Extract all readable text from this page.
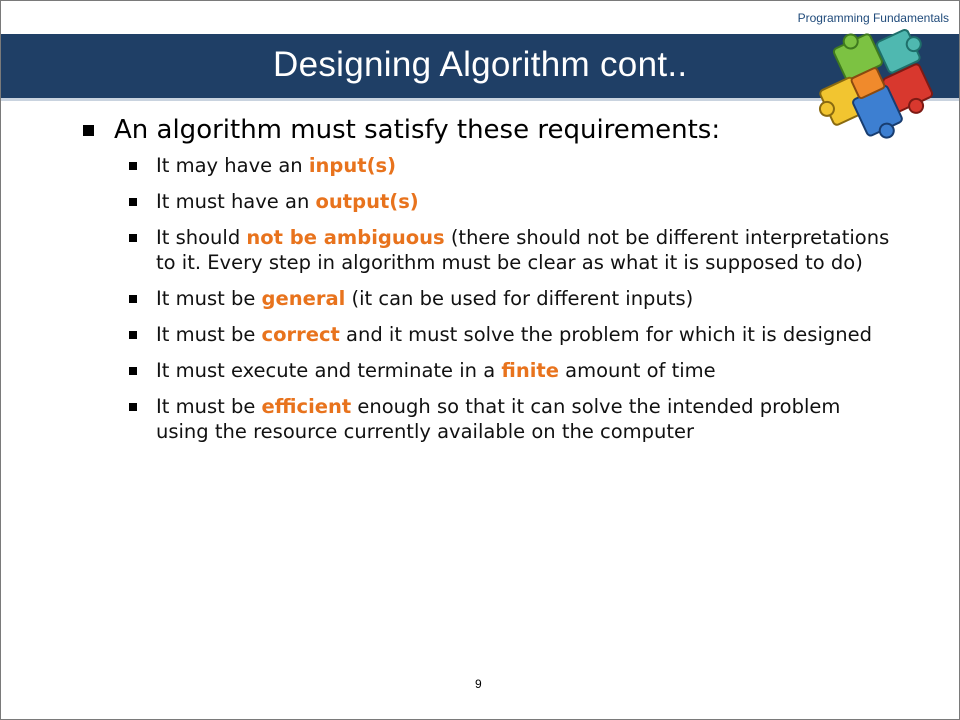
Programming Fundamentals
Designing Algorithm cont..
An algorithm must satisfy these requirements:
It may have an input(s)
It must have an output(s)
It should not be ambiguous (there should not be different interpretations to it. Every step in algorithm must be clear as what it is supposed to do)
It must be general (it can be used for different inputs)
It must be correct and it must solve the problem for which it is designed
It must execute and terminate in a finite amount of time
It must be efficient enough so that it can solve the intended problem using the resource currently available on the computer
9
